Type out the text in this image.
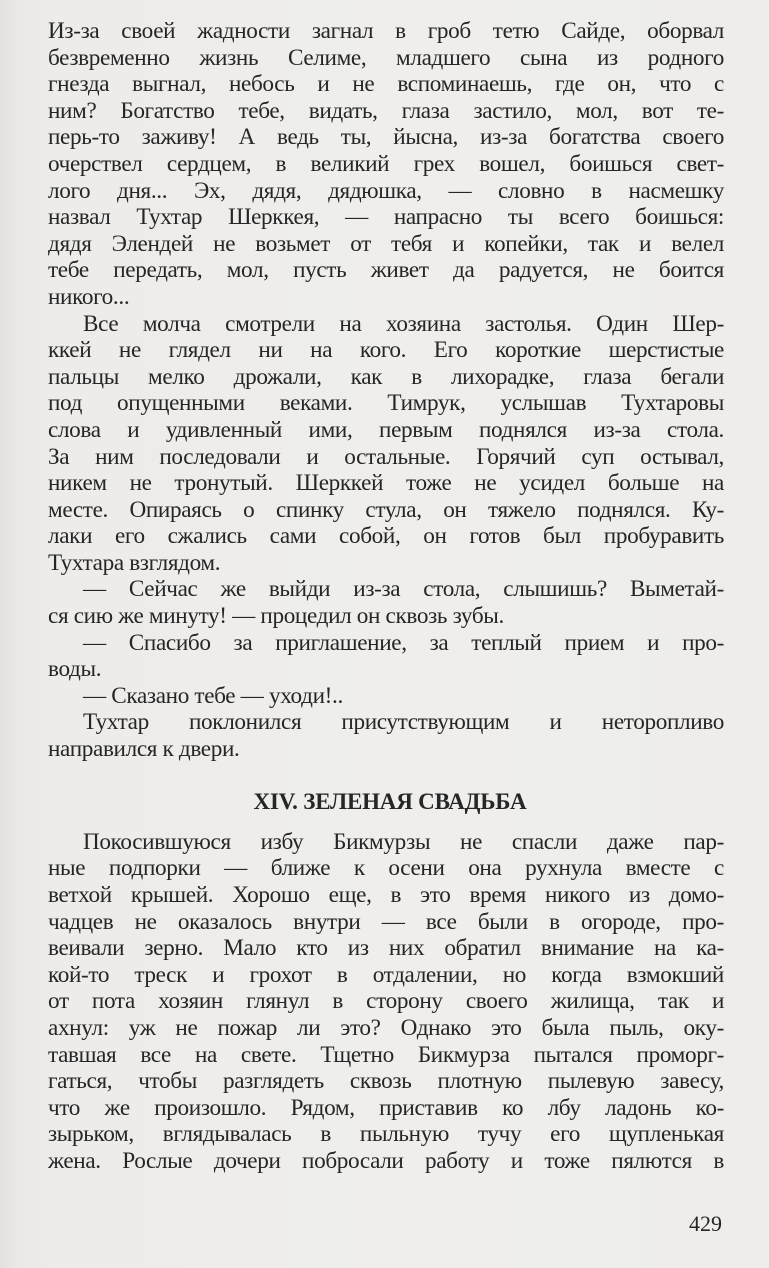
Из-за своей жадности загнал в гроб тетю Сайде, оборвал
безвременно жизнь Селиме, младшего сына из родного
гнезда выгнал, небось и не вспоминаешь, где он, что с
ним? Богатство тебе, видать, глаза застило, мол, вот те-
перь-то заживу! А ведь ты, йысна, из-за богатства своего
очерствел сердцем, в великий грех вошел, боишься свет-
лого дня... Эх, дядя, дядюшка, — словно в насмешку
назвал Тухтар Шерккея, — напрасно ты всего боишься:
дядя Элендей не возьмет от тебя и копейки, так и велел
тебе передать, мол, пусть живет да радуется, не боится
никого...
Все молча смотрели на хозяина застолья. Один Шер-
ккей не глядел ни на кого. Его короткие шерстистые
пальцы мелко дрожали, как в лихорадке, глаза бегали
под опущенными веками. Тимрук, услышав Тухтаровы
слова и удивленный ими, первым поднялся из-за стола.
За ним последовали и остальные. Горячий суп остывал,
никем не тронутый. Шерккей тоже не усидел больше на
месте. Опираясь о спинку стула, он тяжело поднялся. Ку-
лаки его сжались сами собой, он готов был пробуравить
Тухтара взглядом.
— Сейчас же выйди из-за стола, слышишь? Выметай-
ся сию же минуту! — процедил он сквозь зубы.
— Спасибо за приглашение, за теплый прием и про-
воды.
— Сказано тебе — уходи!..
Тухтар поклонился присутствующим и неторопливо
направился к двери.
XIV. ЗЕЛЕНАЯ СВАДЬБА
Покосившуюся избу Бикмурзы не спасли даже пар-
ные подпорки — ближе к осени она рухнула вместе с
ветхой крышей. Хорошо еще, в это время никого из домо-
чадцев не оказалось внутри — все были в огороде, про-
веивали зерно. Мало кто из них обратил внимание на ка-
кой-то треск и грохот в отдалении, но когда взмокший
от пота хозяин глянул в сторону своего жилища, так и
ахнул: уж не пожар ли это? Однако это была пыль, оку-
тавшая все на свете. Тщетно Бикмурза пытался проморг-
гаться, чтобы разглядеть сквозь плотную пылевую завесу,
что же произошло. Рядом, приставив ко лбу ладонь ко-
зырьком, вглядывалась в пыльную тучу его щупленькая
жена. Рослые дочери побросали работу и тоже пялются в
429
